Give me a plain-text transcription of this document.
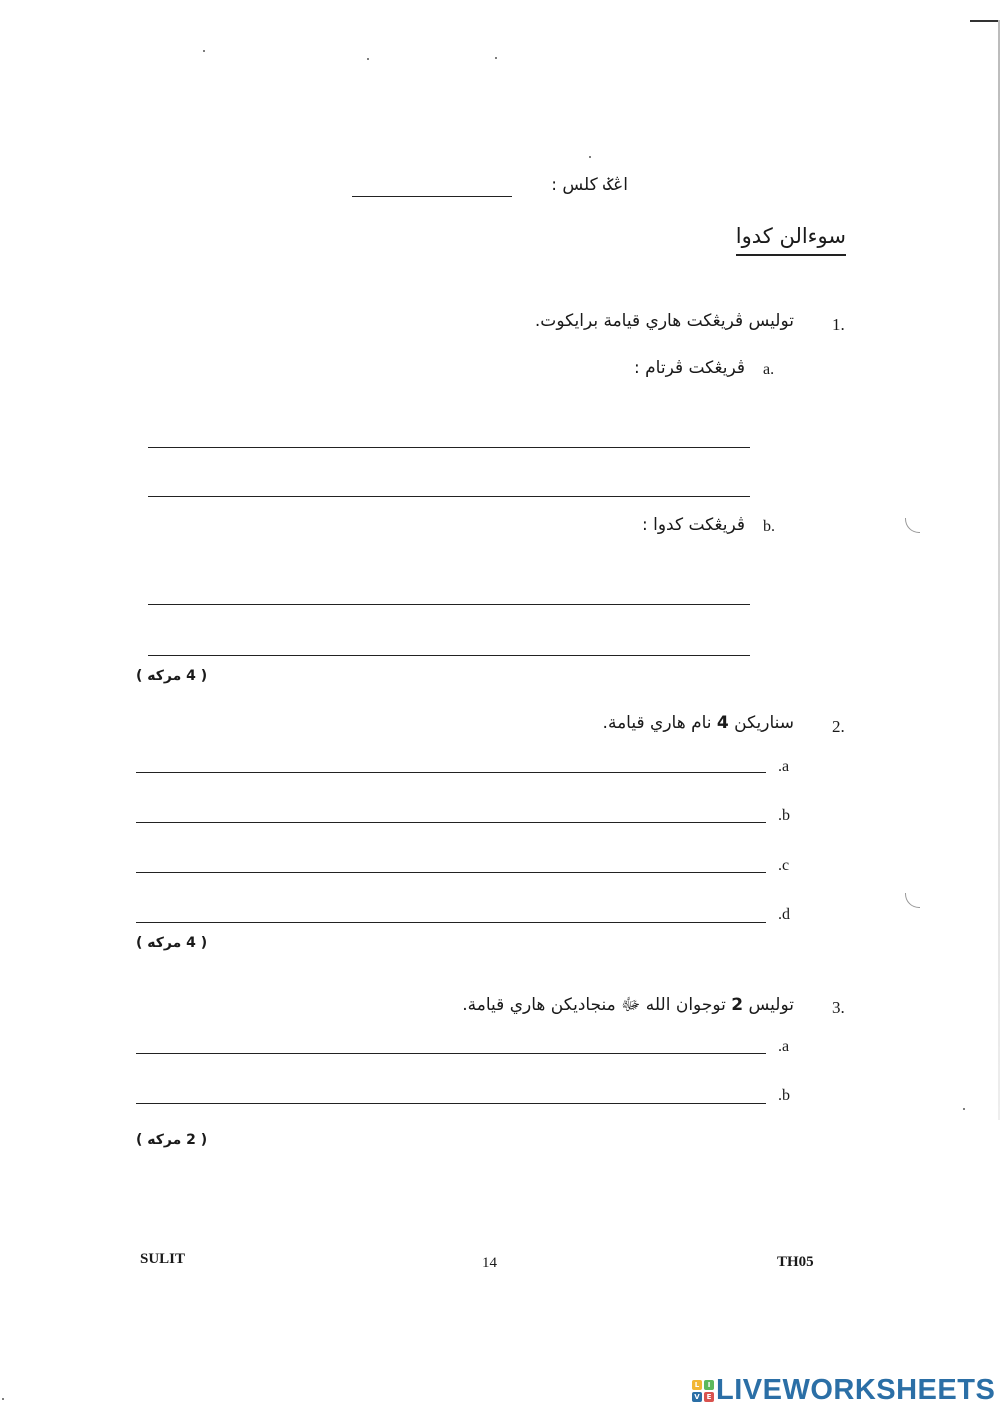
اڠݢ كلس :
سوءالن كدوا
1.
توليس ڤريڠكت هاري قيامة برايكوت.
a.
ڤريڠكت ڤرتام :
b.
ڤريڠكت كدوا :
( 4 مركه )
2.
سناريكن 4 نام هاري قيامة.
.a
.b
.c
.d
( 4 مركه )
3.
توليس 2 توجوان الله ﷻ منجاديكن هاري قيامة.
.a
.b
( 2 مركه )
SULIT	14	TH05
L	I
V E LIVEWORKSHEETS
